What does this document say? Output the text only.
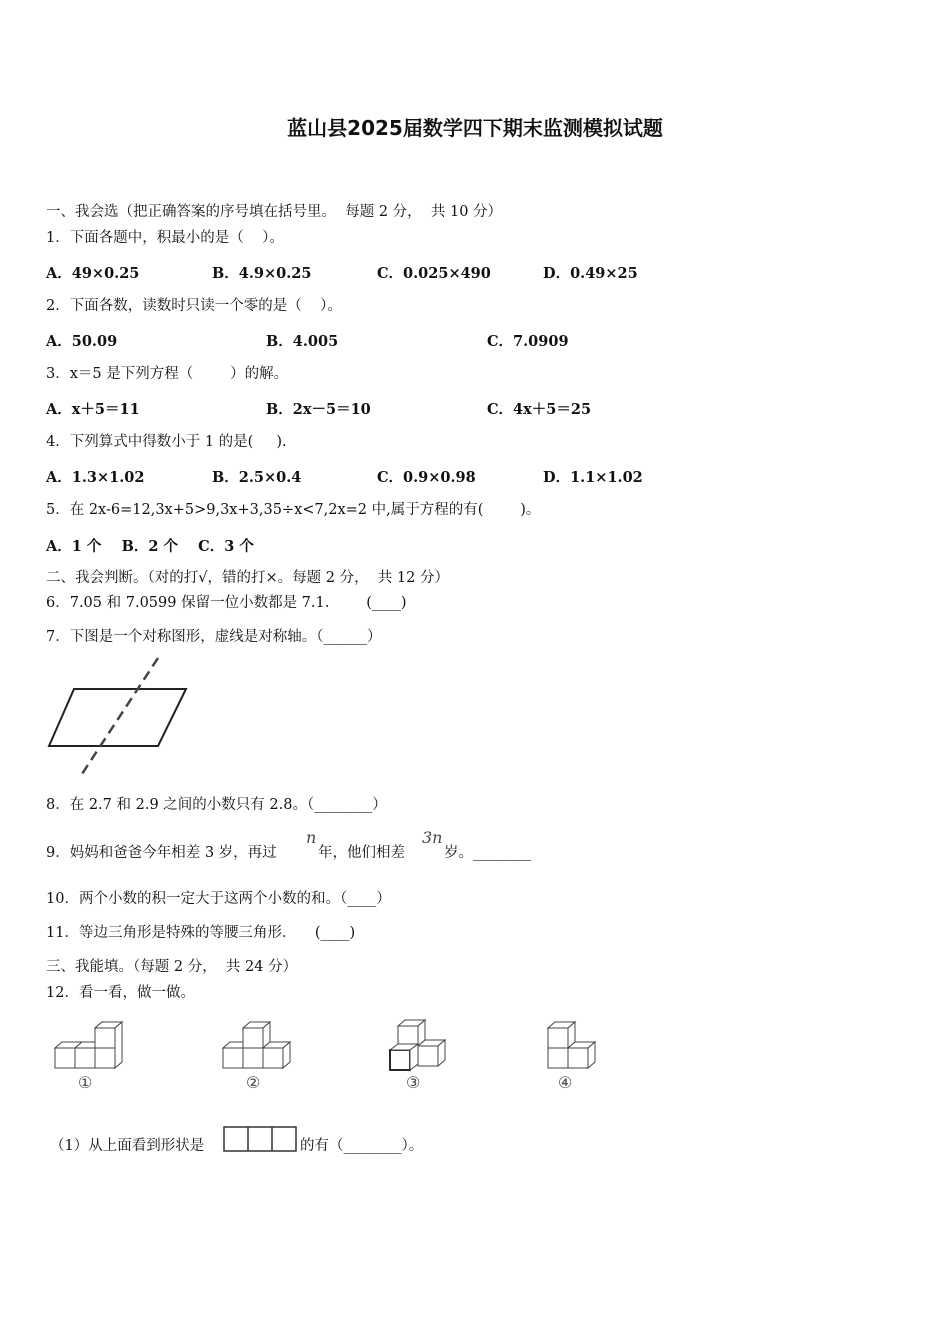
蓝山县2025届数学四下期末监测模拟试题
一、我会选（把正确答案的序号填在括号里。  每题 2 分，  共 10 分）
1．下面各题中，积最小的是（    ）。
A．49×0.25	B．4.9×0.25	C．0.025×490	D．0.49×25
2．下面各数，读数时只读一个零的是（    ）。
A．50.09	B．4.005	C．7.0909
3．x＝5 是下列方程（        ）的解。
A．x＋5＝11	B．2x－5＝10	C．4x＋5＝25
4．下列算式中得数小于 1 的是(     ).
A．1.3×1.02	B．2.5×0.4	C．0.9×0.98	D．1.1×1.02
5．在 2x-6=12,3x+5>9,3x+3,35÷x<7,2x=2 中,属于方程的有(        )。
A．1 个    B．2 个    C．3 个
二、我会判断。（对的打√，错的打×。每题 2 分，  共 12 分）
6．7.05 和 7.0599 保留一位小数都是 7.1.        (____)
7．下图是一个对称图形，虚线是对称轴。（______）
8．在 2.7 和 2.9 之间的小数只有 2.8。（________）
9．妈妈和爸爸今年相差 3 岁，再过
n
年，他们相差
3n
岁。________
10．两个小数的积一定大于这两个小数的和。（____）
11．等边三角形是特殊的等腰三角形．    (____)
三、我能填。（每题 2 分，  共 24 分）
12．看一看，做一做。
①	②	③	④
（1）从上面看到形状是	的有（________）。
